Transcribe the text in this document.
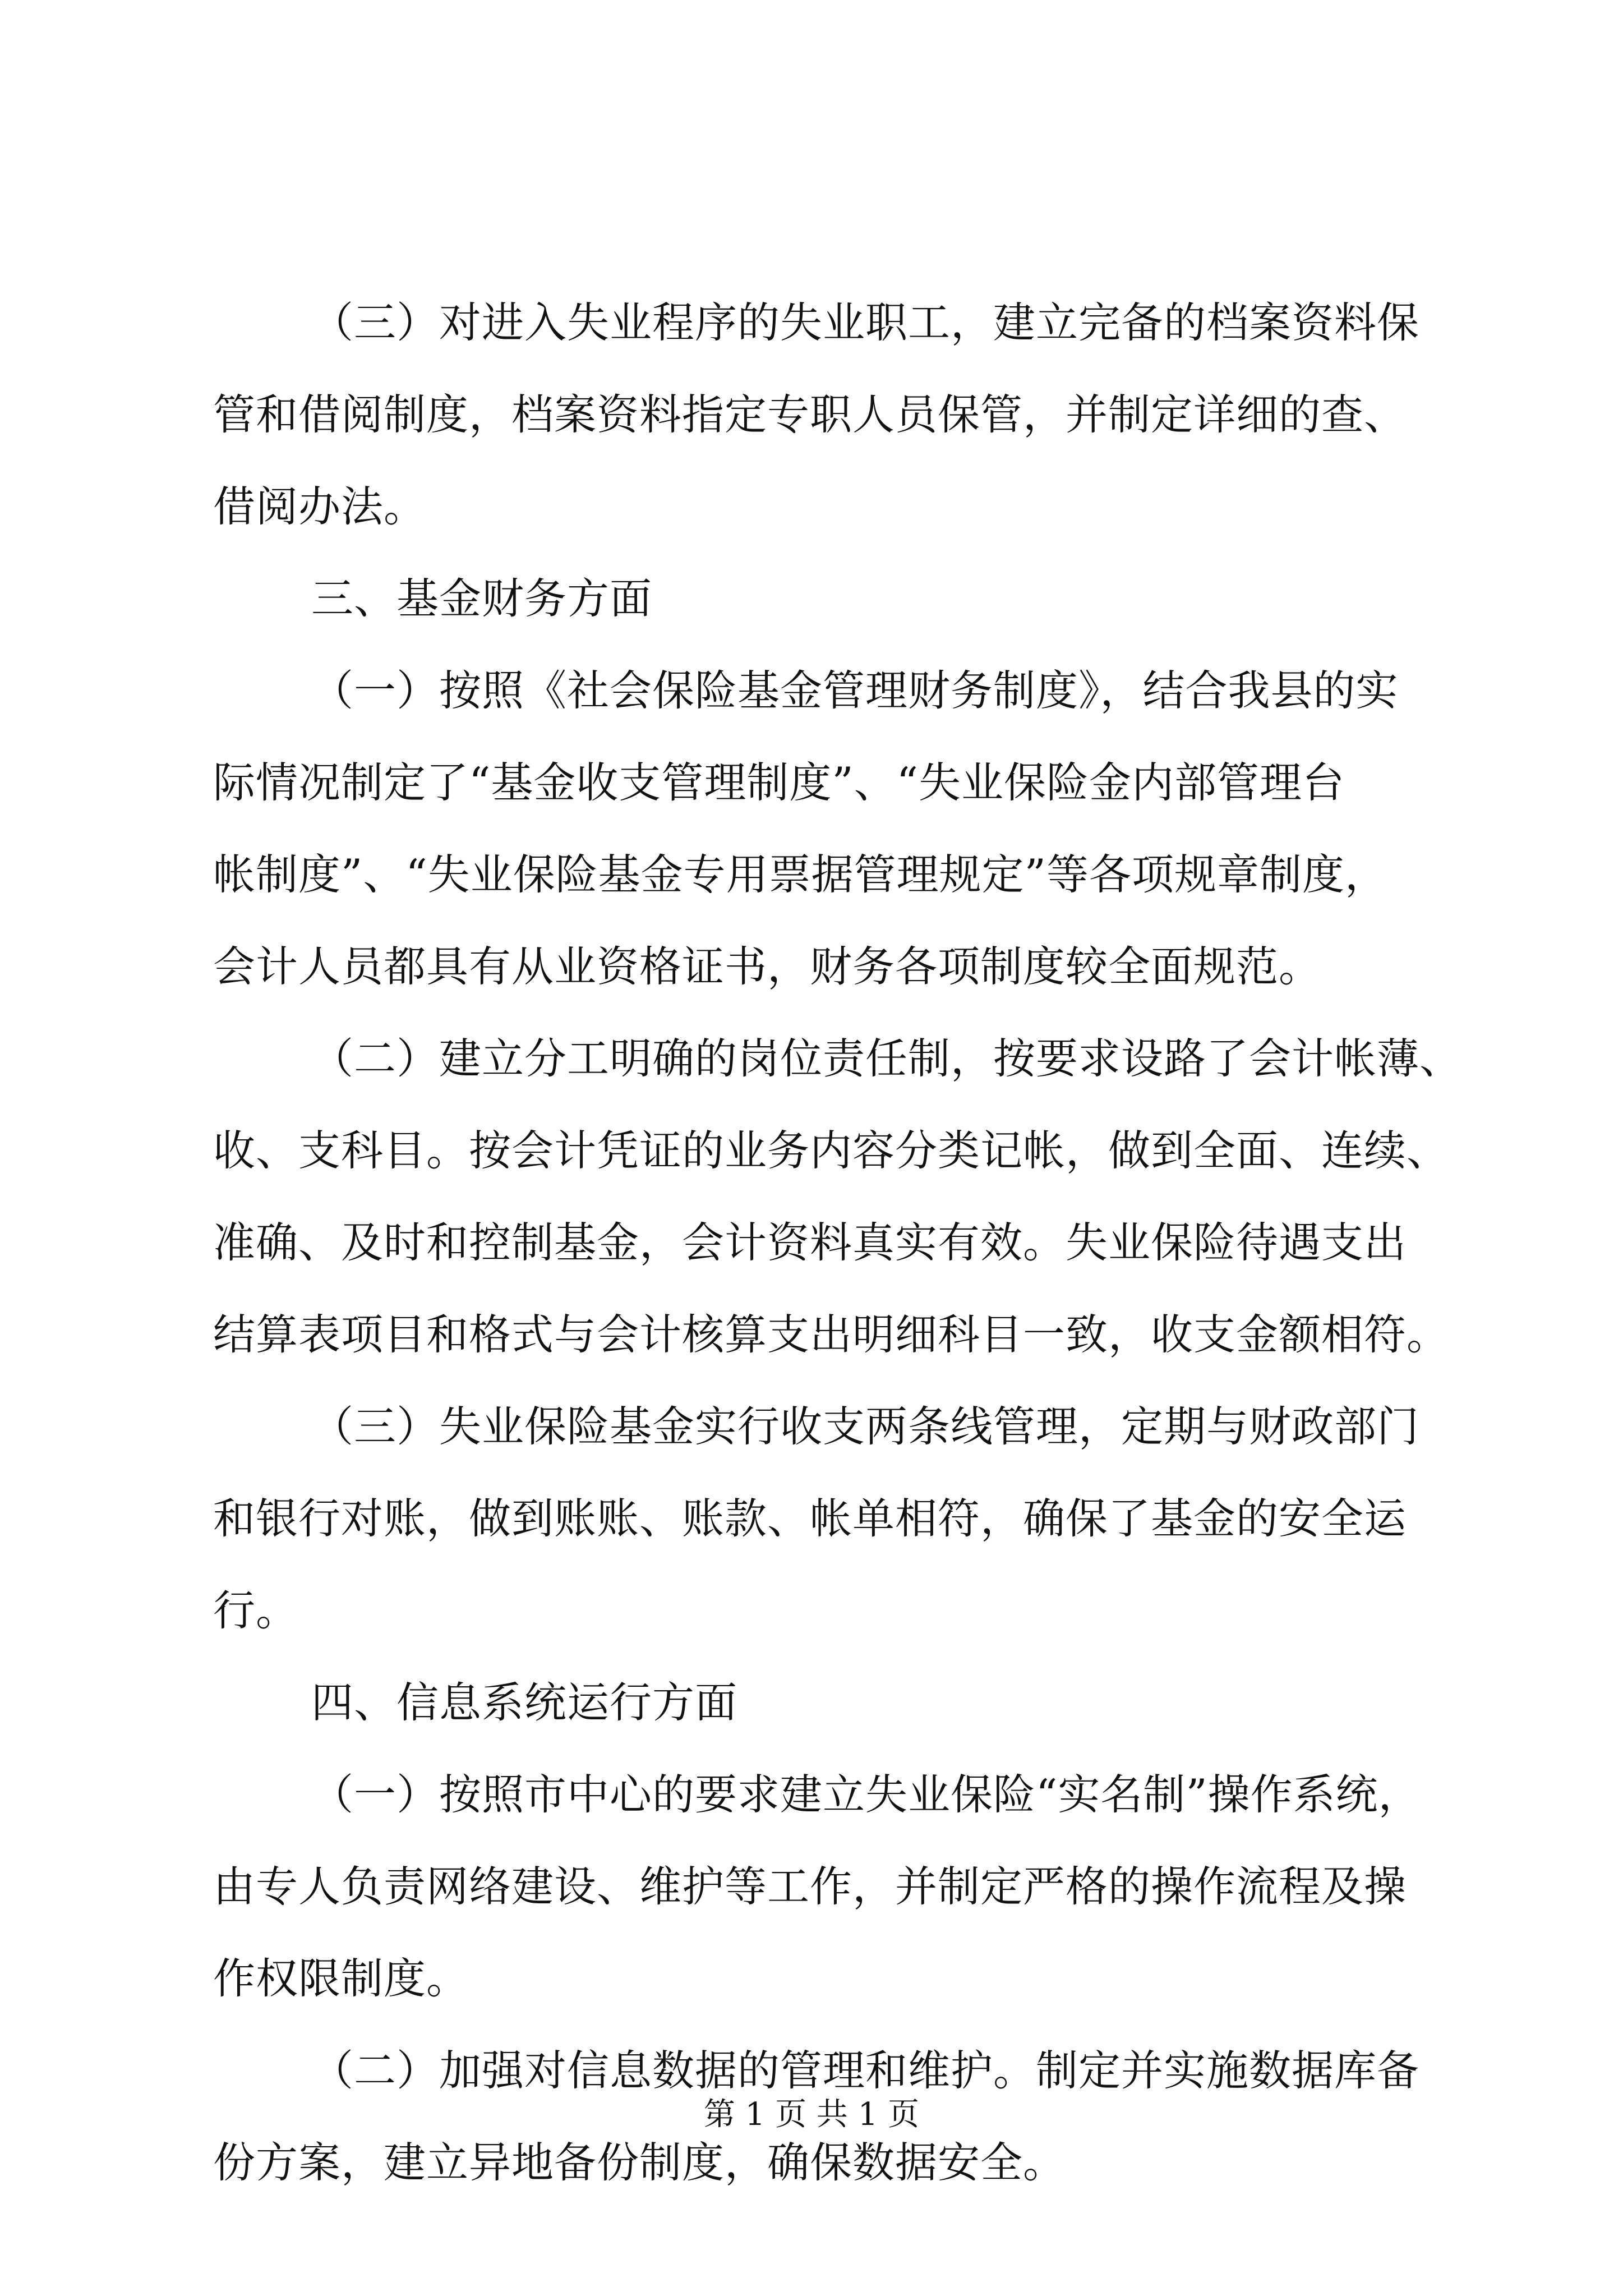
（三）对进入失业程序的失业职工，建立完备的档案资料保
管和借阅制度，档案资料指定专职人员保管，并制定详细的查、
借阅办法。
三、基金财务方面
（一）按照《社会保险基金管理财务制度》，结合我县的实
际情况制定了“基金收支管理制度”、“失业保险金内部管理台
帐制度”、“失业保险基金专用票据管理规定”等各项规章制度，
会计人员都具有从业资格证书，财务各项制度较全面规范。
（二）建立分工明确的岗位责任制，按要求设路了会计帐薄、
收、支科目。按会计凭证的业务内容分类记帐，做到全面、连续、
准确、及时和控制基金，会计资料真实有效。失业保险待遇支出
结算表项目和格式与会计核算支出明细科目一致，收支金额相符。
（三）失业保险基金实行收支两条线管理，定期与财政部门
和银行对账，做到账账、账款、帐单相符，确保了基金的安全运
行。
四、信息系统运行方面
（一）按照市中心的要求建立失业保险“实名制”操作系统，
由专人负责网络建设、维护等工作，并制定严格的操作流程及操
作权限制度。
（二）加强对信息数据的管理和维护。制定并实施数据库备
份方案，建立异地备份制度，确保数据安全。
第 1 页 共 1 页
